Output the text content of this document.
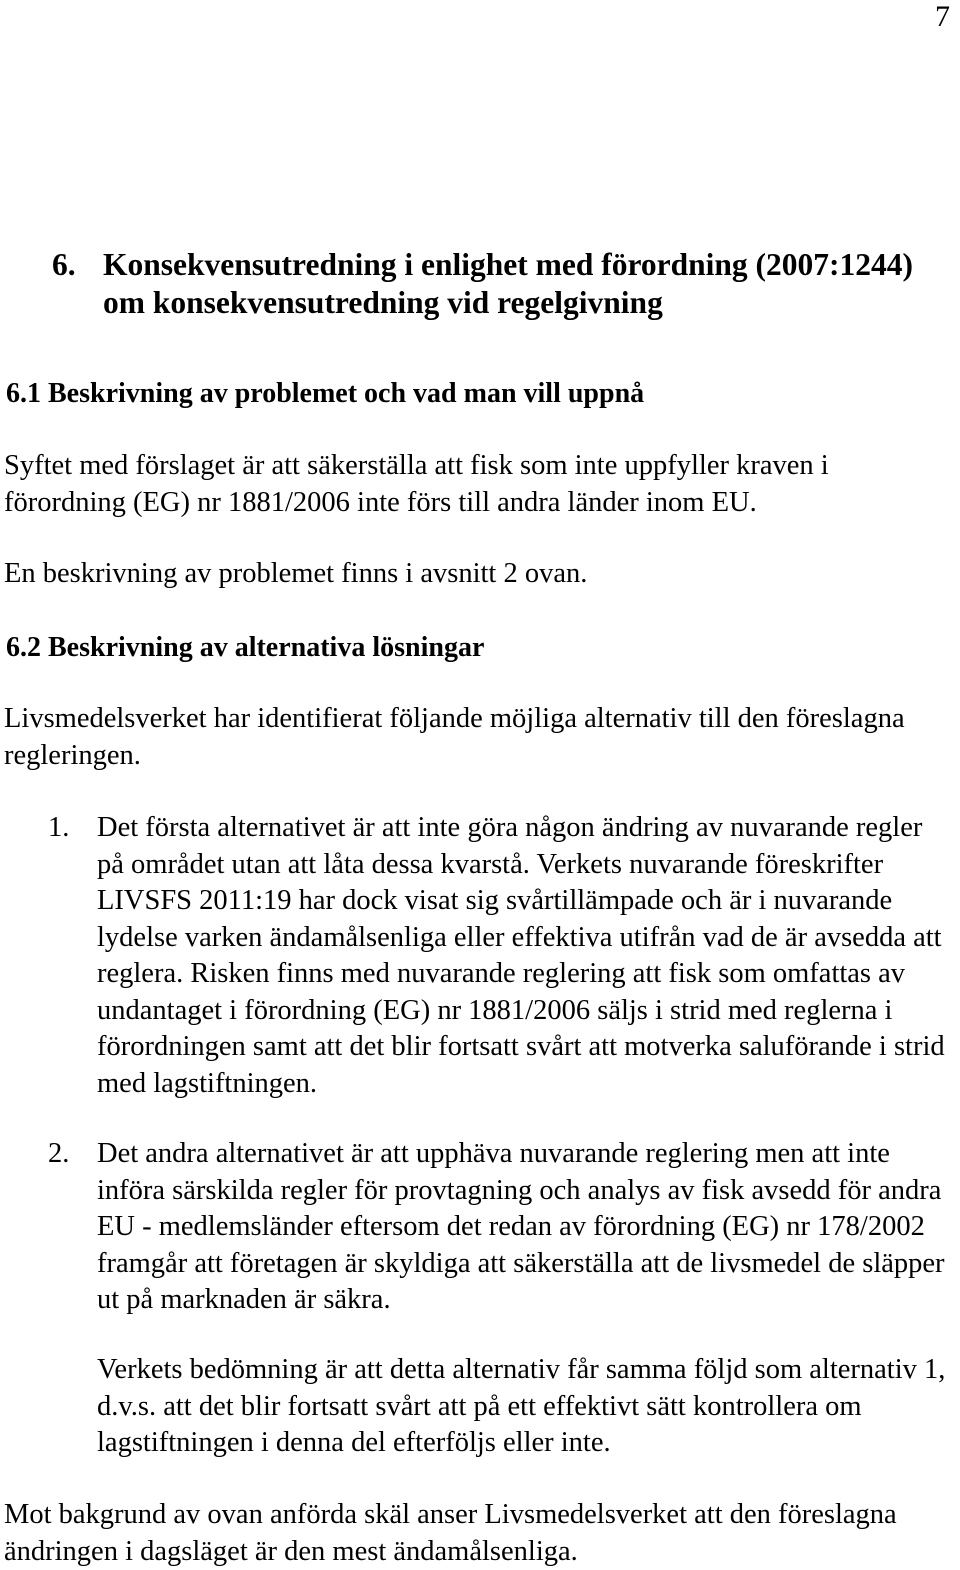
7
6. Konsekvensutredning i enlighet med förordning (2007:1244) om konsekvensutredning vid regelgivning
6.1 Beskrivning av problemet och vad man vill uppnå
Syftet med förslaget är att säkerställa att fisk som inte uppfyller kraven i förordning (EG) nr 1881/2006 inte förs till andra länder inom EU.
En beskrivning av problemet finns i avsnitt 2 ovan.
6.2 Beskrivning av alternativa lösningar
Livsmedelsverket har identifierat följande möjliga alternativ till den föreslagna regleringen.
1. Det första alternativet är att inte göra någon ändring av nuvarande regler på området utan att låta dessa kvarstå. Verkets nuvarande föreskrifter LIVSFS 2011:19 har dock visat sig svårtillämpade och är i nuvarande lydelse varken ändamålsenliga eller effektiva utifrån vad de är avsedda att reglera. Risken finns med nuvarande reglering att fisk som omfattas av undantaget i förordning (EG) nr 1881/2006 säljs i strid med reglerna i förordningen samt att det blir fortsatt svårt att motverka saluförande i strid med lagstiftningen.
2. Det andra alternativet är att upphäva nuvarande reglering men att inte införa särskilda regler för provtagning och analys av fisk avsedd för andra EU - medlemsländer eftersom det redan av förordning (EG) nr 178/2002 framgår att företagen är skyldiga att säkerställa att de livsmedel de släpper ut på marknaden är säkra.
Verkets bedömning är att detta alternativ får samma följd som alternativ 1, d.v.s. att det blir fortsatt svårt att på ett effektivt sätt kontrollera om lagstiftningen i denna del efterföljs eller inte.
Mot bakgrund av ovan anförda skäl anser Livsmedelsverket att den föreslagna ändringen i dagsläget är den mest ändamålsenliga.
